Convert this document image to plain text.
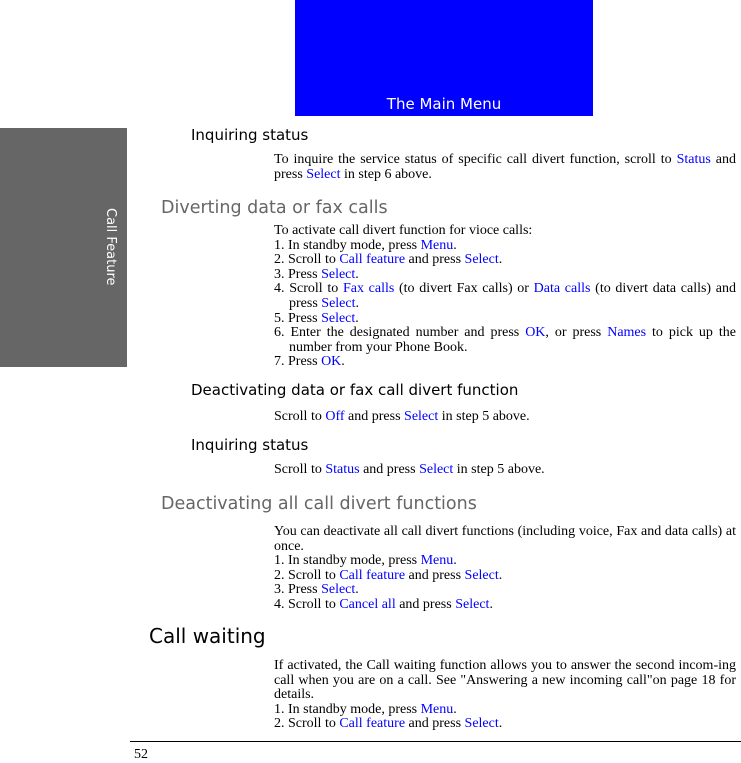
The Main Menu
Call Feature
Inquiring status
To inquire the service status of specific call divert function, scroll to Status and press Select in step 6 above.
Diverting data or fax calls
To activate call divert function for vioce calls:
1. In standby mode, press Menu.
2. Scroll to Call feature and press Select.
3. Press Select.
4. Scroll to Fax calls (to divert Fax calls) or Data calls (to divert data calls) and press Select.
5. Press Select.
6. Enter the designated number and press OK, or press Names to pick up the number from your Phone Book.
7. Press OK.
Deactivating data or fax call divert function
Scroll to Off and press Select in step 5 above.
Inquiring status
Scroll to Status and press Select in step 5 above.
Deactivating all call divert functions
You can deactivate all call divert functions (including voice, Fax and data calls) at once.
1. In standby mode, press Menu.
2. Scroll to Call feature and press Select.
3. Press Select.
4. Scroll to Cancel all and press Select.
Call waiting
If activated, the Call waiting function allows you to answer the second incom-ing call when you are on a call. See "Answering a new incoming call"on page 18 for details.
1. In standby mode, press Menu.
2. Scroll to Call feature and press Select.
52
